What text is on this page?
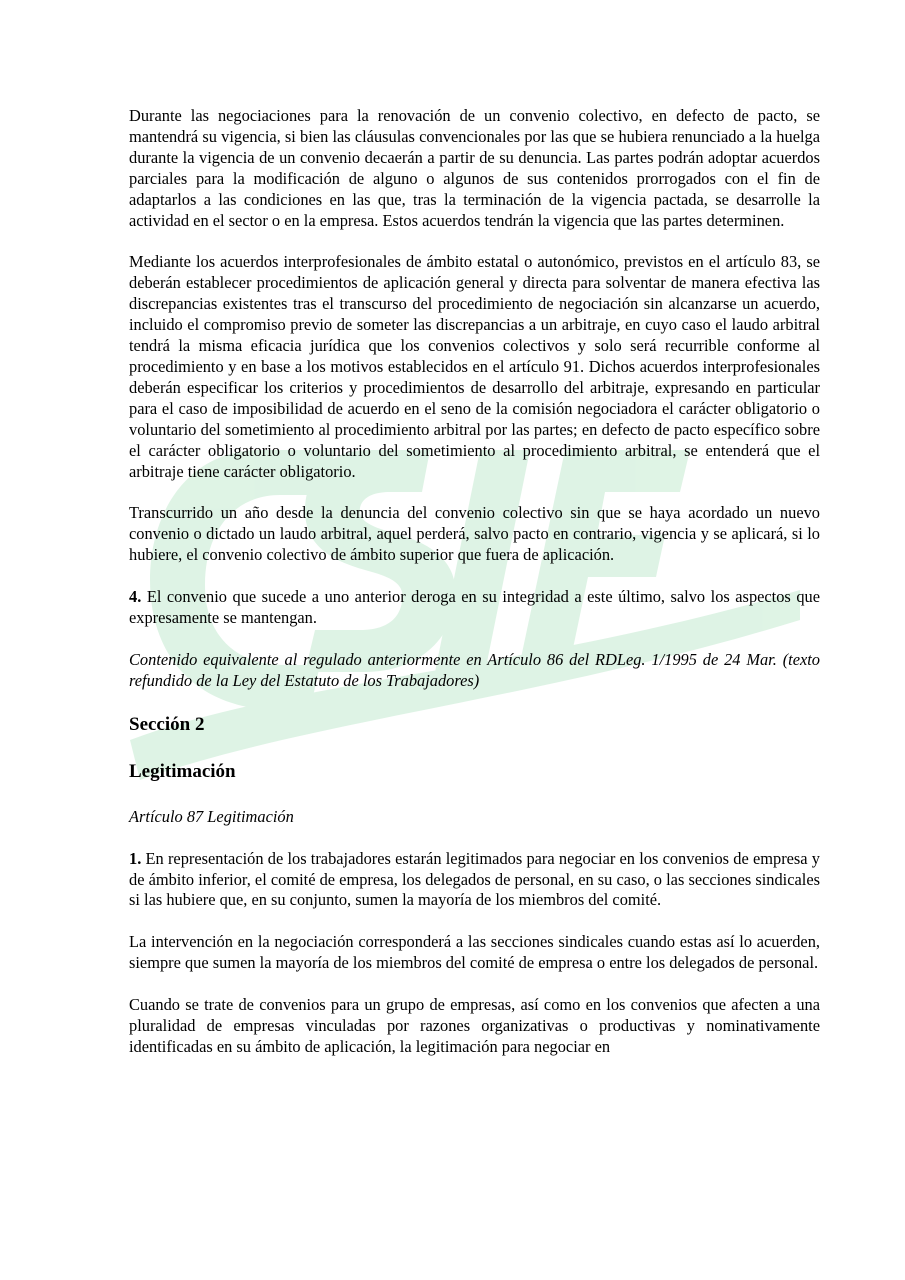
Durante las negociaciones para la renovación de un convenio colectivo, en defecto de pacto, se mantendrá su vigencia, si bien las cláusulas convencionales por las que se hubiera renunciado a la huelga durante la vigencia de un convenio decaerán a partir de su denuncia. Las partes podrán adoptar acuerdos parciales para la modificación de alguno o algunos de sus contenidos prorrogados con el fin de adaptarlos a las condiciones en las que, tras la terminación de la vigencia pactada, se desarrolle la actividad en el sector o en la empresa. Estos acuerdos tendrán la vigencia que las partes determinen.

Mediante los acuerdos interprofesionales de ámbito estatal o autonómico, previstos en el artículo 83, se deberán establecer procedimientos de aplicación general y directa para solventar de manera efectiva las discrepancias existentes tras el transcurso del procedimiento de negociación sin alcanzarse un acuerdo, incluido el compromiso previo de someter las discrepancias a un arbitraje, en cuyo caso el laudo arbitral tendrá la misma eficacia jurídica que los convenios colectivos y solo será recurrible conforme al procedimiento y en base a los motivos establecidos en el artículo 91. Dichos acuerdos interprofesionales deberán especificar los criterios y procedimientos de desarrollo del arbitraje, expresando en particular para el caso de imposibilidad de acuerdo en el seno de la comisión negociadora el carácter obligatorio o voluntario del sometimiento al procedimiento arbitral por las partes; en defecto de pacto específico sobre el carácter obligatorio o voluntario del sometimiento al procedimiento arbitral, se entenderá que el arbitraje tiene carácter obligatorio.

Transcurrido un año desde la denuncia del convenio colectivo sin que se haya acordado un nuevo convenio o dictado un laudo arbitral, aquel perderá, salvo pacto en contrario, vigencia y se aplicará, si lo hubiere, el convenio colectivo de ámbito superior que fuera de aplicación.

4. El convenio que sucede a uno anterior deroga en su integridad a este último, salvo los aspectos que expresamente se mantengan.

Contenido equivalente al regulado anteriormente en Artículo 86 del RDLeg. 1/1995 de 24 Mar. (texto refundido de la Ley del Estatuto de los Trabajadores)

Sección 2
Legitimación

Artículo 87 Legitimación

1. En representación de los trabajadores estarán legitimados para negociar en los convenios de empresa y de ámbito inferior, el comité de empresa, los delegados de personal, en su caso, o las secciones sindicales si las hubiere que, en su conjunto, sumen la mayoría de los miembros del comité.

La intervención en la negociación corresponderá a las secciones sindicales cuando estas así lo acuerden, siempre que sumen la mayoría de los miembros del comité de empresa o entre los delegados de personal.

Cuando se trate de convenios para un grupo de empresas, así como en los convenios que afecten a una pluralidad de empresas vinculadas por razones organizativas o productivas y nominativamente identificadas en su ámbito de aplicación, la legitimación para negociar en
